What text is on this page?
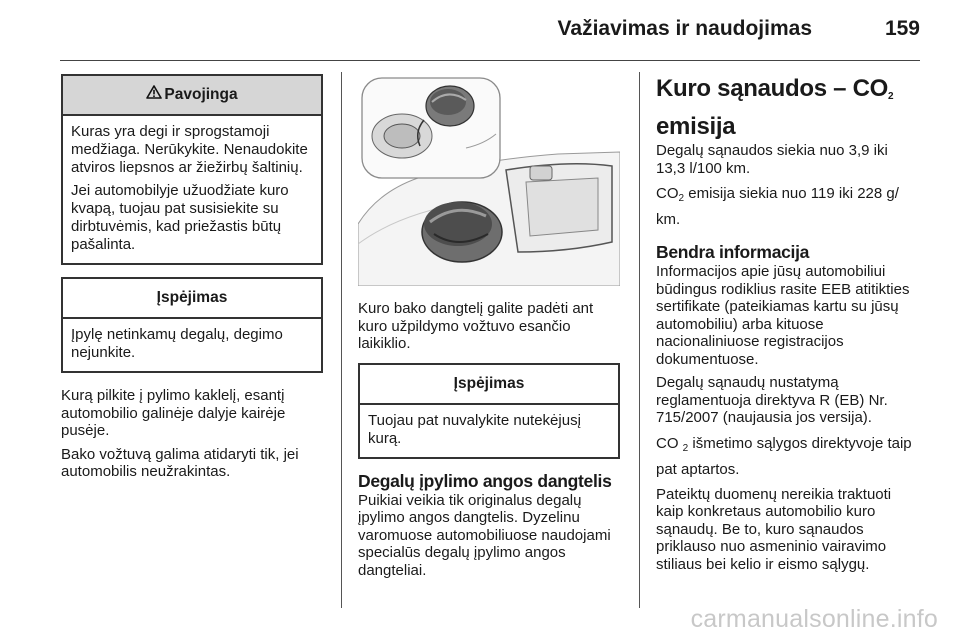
Važiavimas ir naudojimas	159
Pavojinga

Kuras yra degi ir sprogstamoji medžiaga. Nerūkykite. Nenaudokite atviros liepsnos ar žiežirbų šaltinių.

Jei automobilyje užuodžiate kuro kvapą, tuojau pat susisiekite su dirbtuvėmis, kad priežastis būtų pašalinta.

Įspėjimas

Įpylę netinkamų degalų, degimo nejunkite.

Kurą pilkite į pylimo kaklelį, esantį automobilio galinėje dalyje kairėje pusėje.

Bako vožtuvą galima atidaryti tik, jei automobilis neužrakintas.

Kuro bako dangtelį galite padėti ant kuro užpildymo vožtuvo esančio laikiklio.

Įspėjimas

Tuojau pat nuvalykite nutekėjusį kurą.

Degalų įpylimo angos dangtelis

Puikiai veikia tik originalus degalų įpylimo angos dangtelis. Dyzelinu varomuose automobiliuose naudojami specialūs degalų įpylimo angos dangteliai.

Kuro sąnaudos – $CO_2$
emisija

Degalų sąnaudos siekia nuo 3,9 iki 13,3 l/100 km.

$CO_2$ emisija siekia nuo 119 iki 228 g/ km.

Bendra informacija

Informacijos apie jūsų automobiliui būdingus rodiklius rasite EEB atitikties sertifikate (pateikiamas kartu su jūsų automobiliu) arba kituose nacionaliniuose registracijos dokumentuose.

Degalų sąnaudų nustatymą reglamentuoja direktyva R (EB) Nr. 715/2007 (naujausia jos versija).

CO $_2$ išmetimo sąlygos direktyvoje taip pat aptartos.

Pateiktų duomenų nereikia traktuoti kaip konkretaus automobilio kuro sąnaudų. Be to, kuro sąnaudos priklauso nuo asmeninio vairavimo stiliaus bei kelio ir eismo sąlygų.

carmanualsonline.info
